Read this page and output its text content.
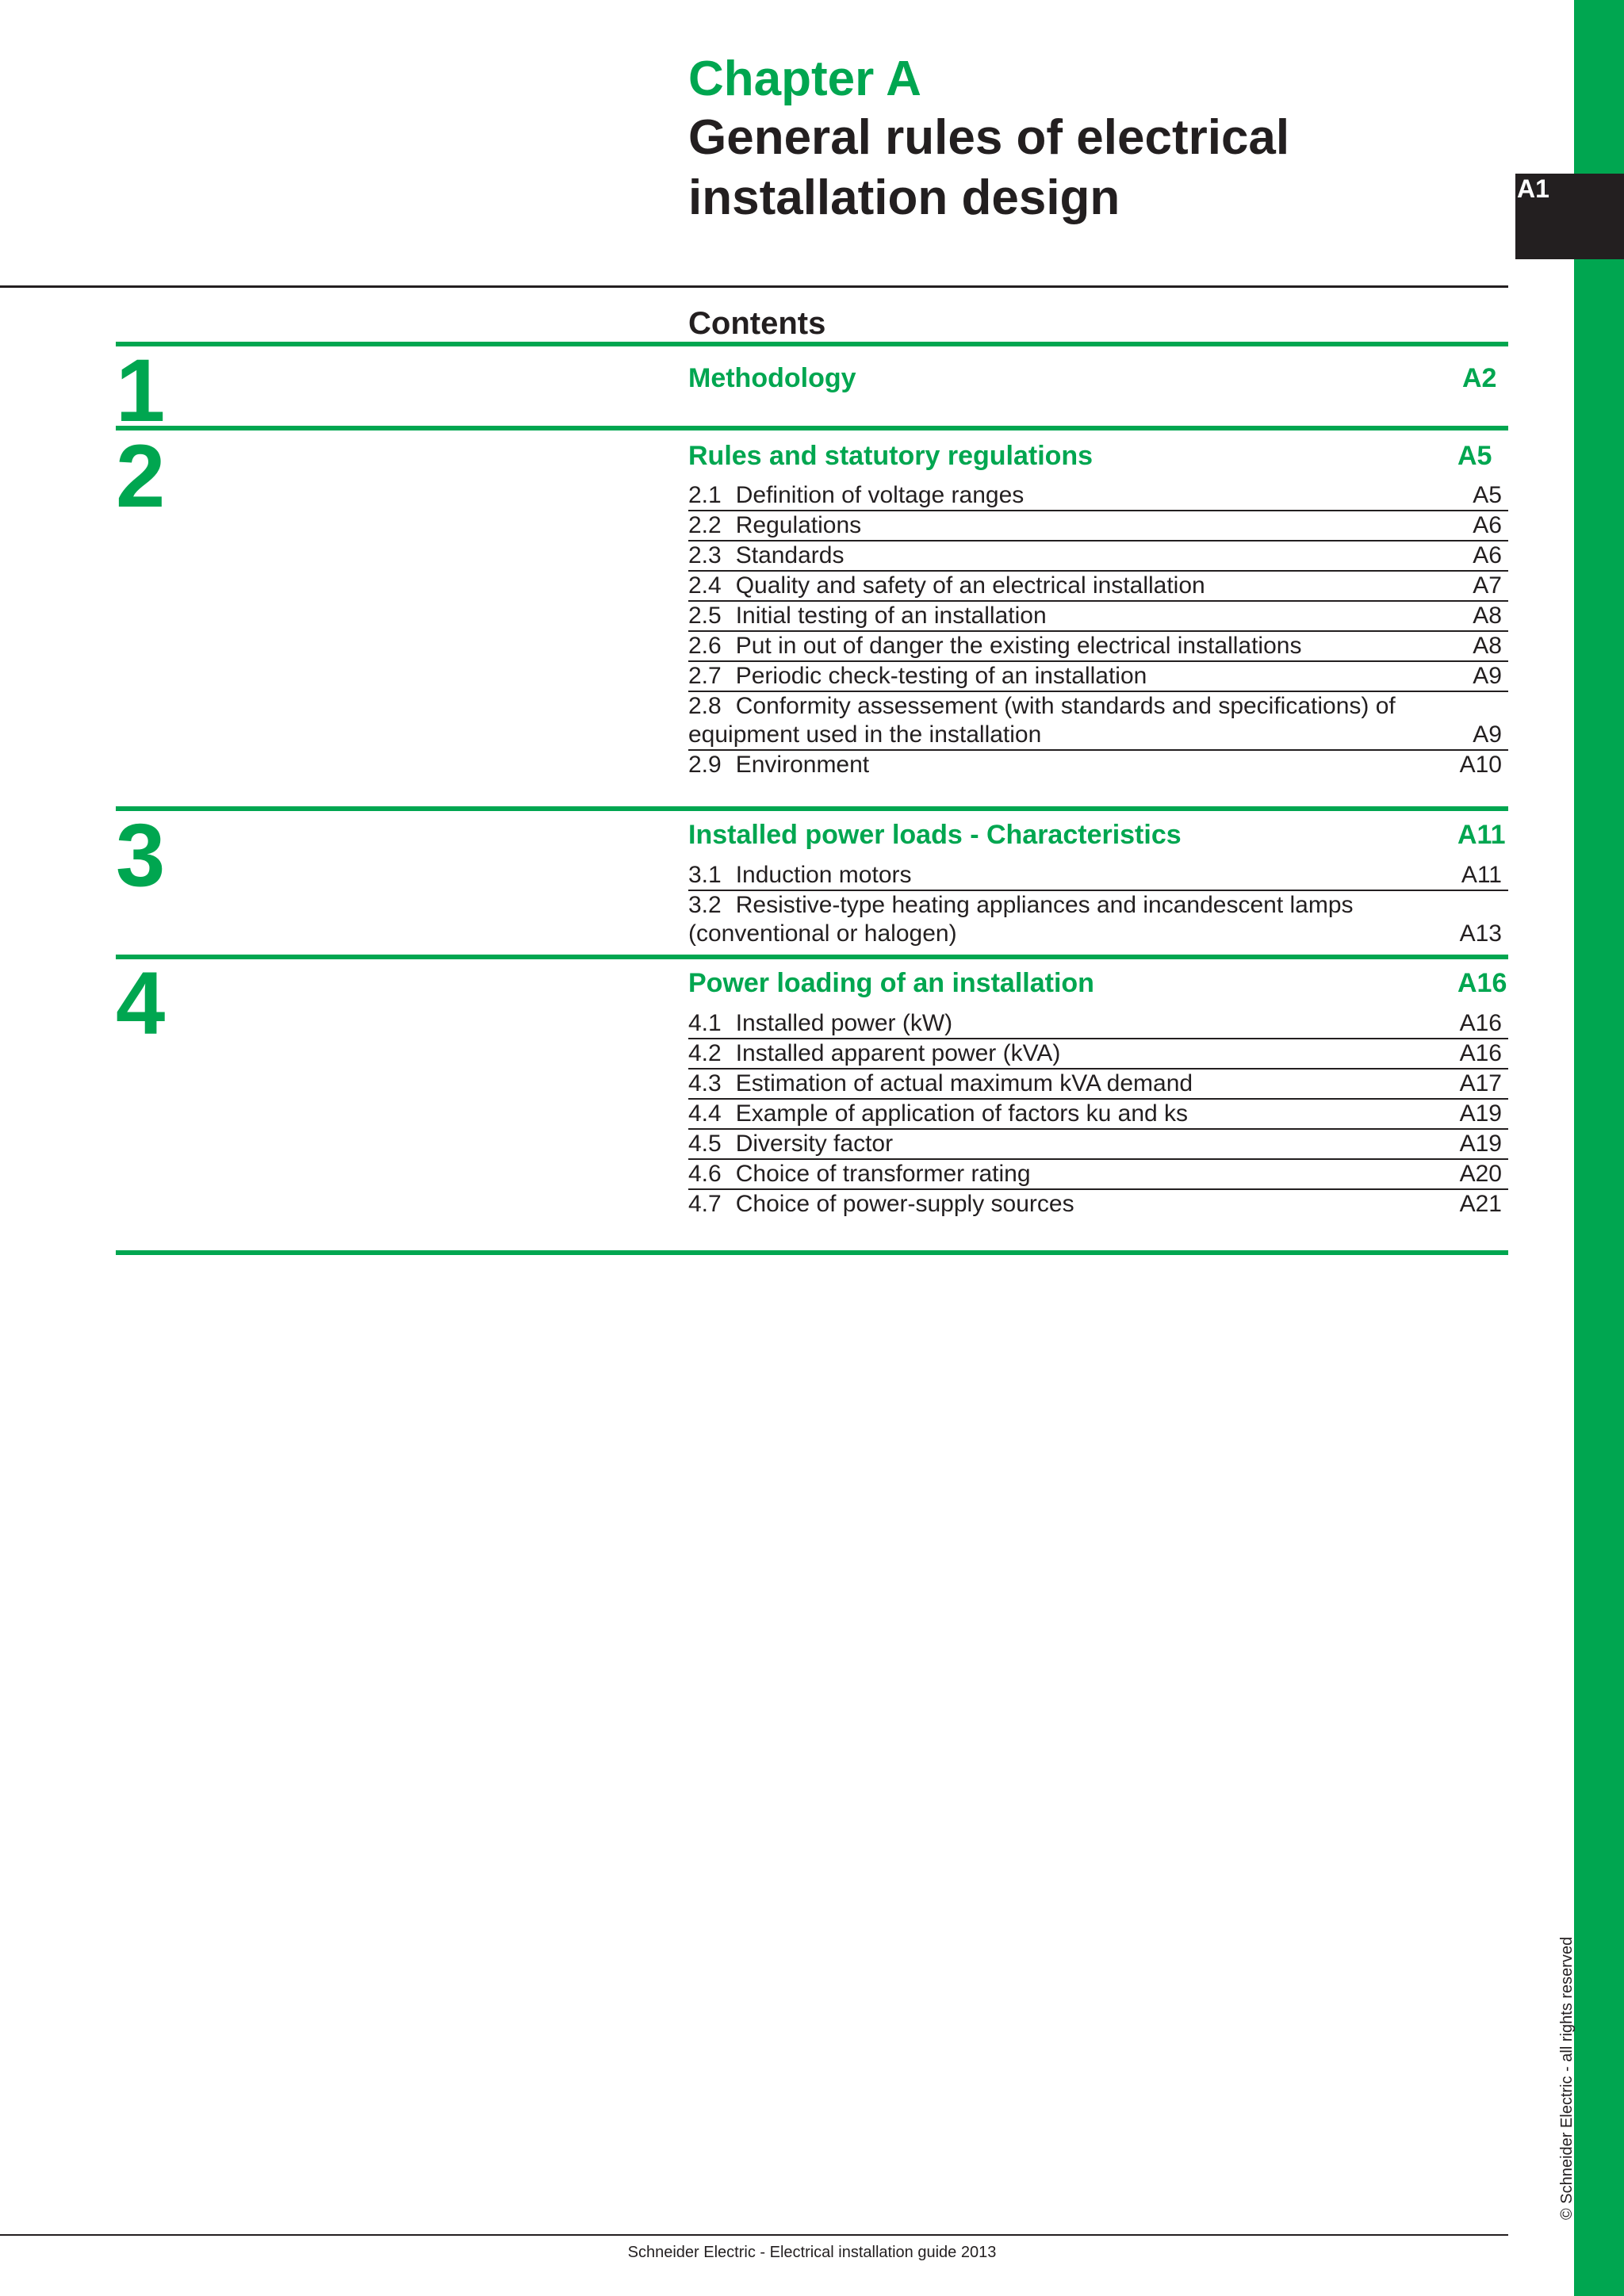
A1
Chapter A
General rules of electrical installation design
Contents
1	Methodology	A2
2	Rules and statutory regulations	A5
2.1 Definition of voltage ranges	A5
2.2 Regulations	A6
2.3 Standards	A6
2.4 Quality and safety of an electrical installation	A7
2.5 Initial testing of an installation	A8
2.6 Put in out of danger the existing electrical installations	A8
2.7 Periodic check-testing of an installation	A9
2.8 Conformity assessement (with standards and specifications) of equipment used in the installation	A9
2.9 Environment	A10
3	Installed power loads - Characteristics	A11
3.1 Induction motors	A11
3.2 Resistive-type heating appliances and incandescent lamps (conventional or halogen)	A13
4	Power loading of an installation	A16
4.1 Installed power (kW)	A16
4.2 Installed apparent power (kVA)	A16
4.3 Estimation of actual maximum kVA demand	A17
4.4 Example of application of factors ku and ks	A19
4.5 Diversity factor	A19
4.6 Choice of transformer rating	A20
4.7 Choice of power-supply sources	A21
Schneider Electric - Electrical installation guide 2013
© Schneider Electric - all rights reserved
